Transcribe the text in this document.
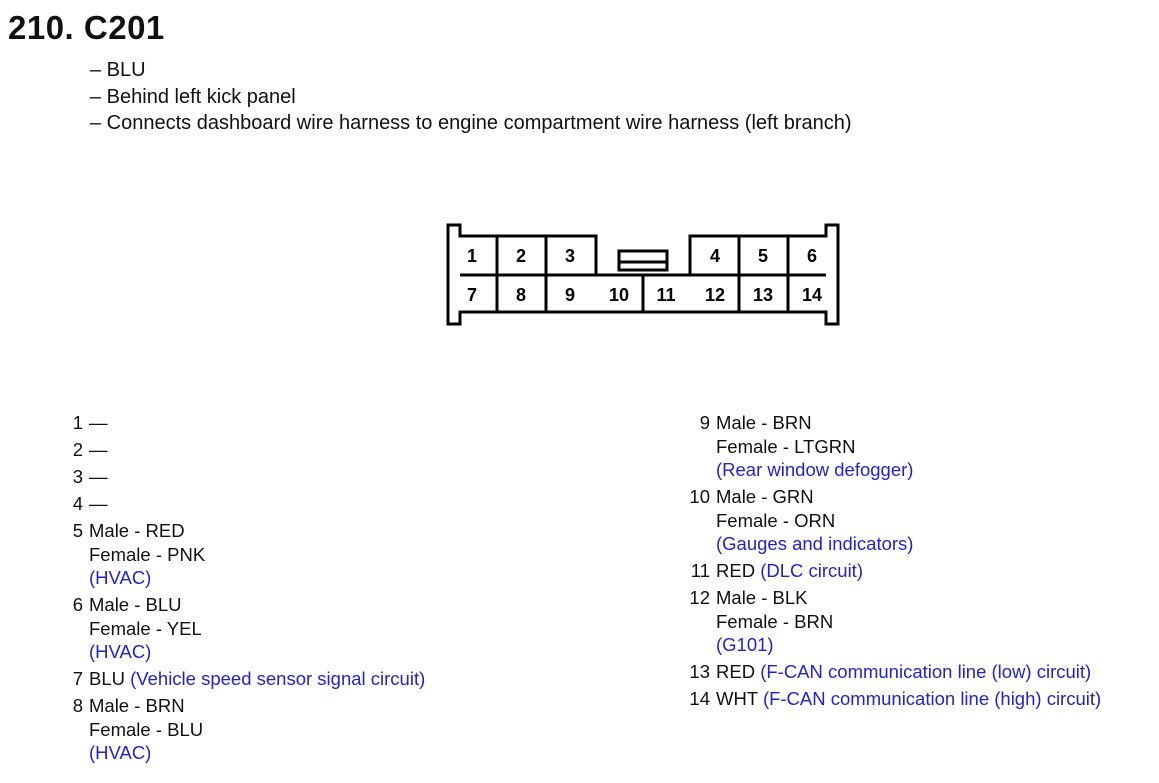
210. C201
– BLU
– Behind left kick panel
– Connects dashboard wire harness to engine compartment wire harness (left branch)
1 2 3	4 5 6
7 8 9 10 11 12 13 14
1 —
2 —
3 —
4 —
5 Male - RED
Female - PNK
(HVAC)
6 Male - BLU
Female - YEL
(HVAC)
7 BLU (Vehicle speed sensor signal circuit)
8 Male - BRN
Female - BLU
(HVAC)
9 Male - BRN
Female - LTGRN
(Rear window defogger)
10 Male - GRN
Female - ORN
(Gauges and indicators)
11 RED (DLC circuit)
12 Male - BLK
Female - BRN
(G101)
13 RED (F-CAN communication line (low) circuit)
14 WHT (F-CAN communication line (high) circuit)
